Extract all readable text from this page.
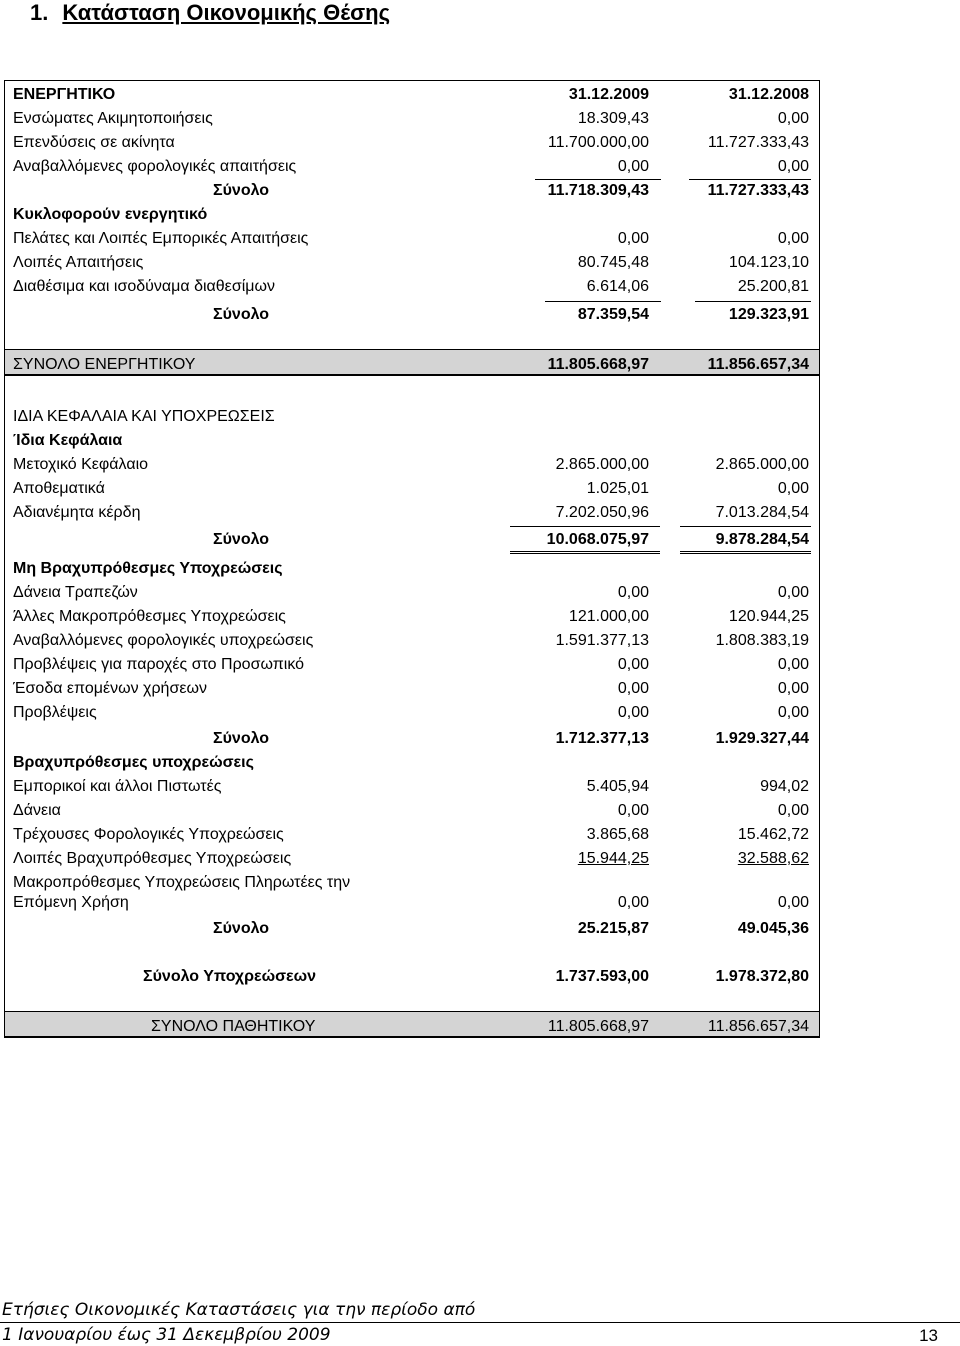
1. Κατάσταση Οικονομικής Θέσης
ΕΝΕΡΓΗΤΙΚΟ	31.12.2009	31.12.2008
Ενσώματες Ακιμητοποιήσεις	18.309,43	0,00
Επενδύσεις σε ακίνητα	11.700.000,00	11.727.333,43
Αναβαλλόμενες φορολογικές απαιτήσεις	0,00	0,00
Σύνολο	11.718.309,43	11.727.333,43
Κυκλοφορούν ενεργητικό
Πελάτες και Λοιπές Εμπορικές Απαιτήσεις	0,00	0,00
Λοιπές Απαιτήσεις	80.745,48	104.123,10
Διαθέσιμα και ισοδύναμα διαθεσίμων	6.614,06	25.200,81
Σύνολο	87.359,54	129.323,91
ΣΥΝΟΛΟ ΕΝΕΡΓΗΤΙΚΟΥ	11.805.668,97	11.856.657,34
ΙΔΙΑ ΚΕΦΑΛΑΙΑ ΚΑΙ ΥΠΟΧΡΕΩΣΕΙΣ
Ίδια Κεφάλαια
Μετοχικό Κεφάλαιο	2.865.000,00	2.865.000,00
Αποθεματικά	1.025,01	0,00
Αδιανέμητα κέρδη	7.202.050,96	7.013.284,54
Σύνολο	10.068.075,97	9.878.284,54
Μη Βραχυπρόθεσμες Υποχρεώσεις
Δάνεια Τραπεζών	0,00	0,00
Άλλες Μακροπρόθεσμες Υποχρεώσεις	121.000,00	120.944,25
Αναβαλλόμενες φορολογικές υποχρεώσεις	1.591.377,13	1.808.383,19
Προβλέψεις για παροχές στο Προσωπικό	0,00	0,00
Έσοδα επομένων χρήσεων	0,00	0,00
Προβλέψεις	0,00	0,00
Σύνολο	1.712.377,13	1.929.327,44
Βραχυπρόθεσμες υποχρεώσεις
Εμπορικοί και άλλοι Πιστωτές	5.405,94	994,02
Δάνεια	0,00	0,00
Τρέχουσες Φορολογικές Υποχρεώσεις	3.865,68	15.462,72
Λοιπές Βραχυπρόθεσμες Υποχρεώσεις	15.944,25	32.588,62
Μακροπρόθεσμες Υποχρεώσεις Πληρωτέες την
Επόμενη Χρήση	0,00	0,00
Σύνολο	25.215,87	49.045,36
Σύνολο Υποχρεώσεων	1.737.593,00	1.978.372,80
ΣΥΝΟΛΟ ΠΑΘΗΤΙΚΟΥ	11.805.668,97	11.856.657,34
Ετήσιες Οικονομικές Καταστάσεις για την περίοδο από
1 Ιανουαρίου έως 31 Δεκεμβρίου 2009	13
